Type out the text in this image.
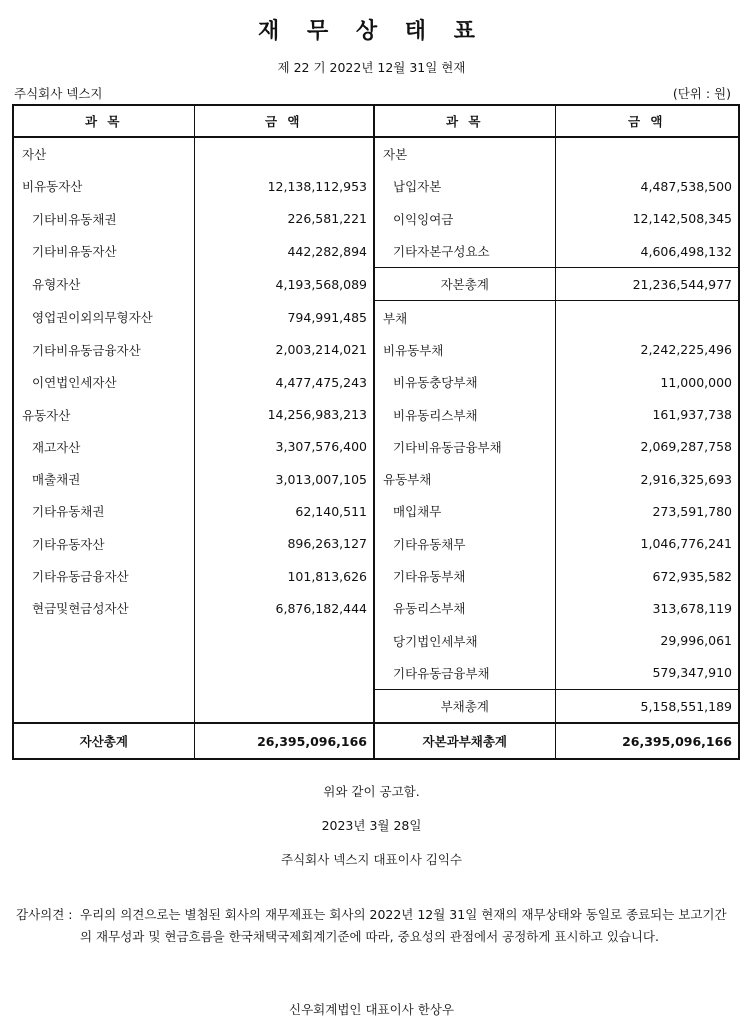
재 무 상 태 표
제 22 기 2022년 12월 31일 현재
주식회사 넥스지	(단위 : 원)
과 목	금 액	과 목	금 액
자산		자본	
비유동자산	12,138,112,953	납입자본	4,487,538,500
기타비유동채권	226,581,221	이익잉여금	12,142,508,345
기타비유동자산	442,282,894	기타자본구성요소	4,606,498,132
유형자산	4,193,568,089	자본총계	21,236,544,977
영업권이외의무형자산	794,991,485	부채	
기타비유동금융자산	2,003,214,021	비유동부채	2,242,225,496
이연법인세자산	4,477,475,243	비유동충당부채	11,000,000
유동자산	14,256,983,213	비유동리스부채	161,937,738
재고자산	3,307,576,400	기타비유동금융부채	2,069,287,758
매출채권	3,013,007,105	유동부채	2,916,325,693
기타유동채권	62,140,511	매입채무	273,591,780
기타유동자산	896,263,127	기타유동채무	1,046,776,241
기타유동금융자산	101,813,626	기타유동부채	672,935,582
현금및현금성자산	6,876,182,444	유동리스부채	313,678,119
		당기법인세부채	29,996,061
		기타유동금융부채	579,347,910
		부채총계	5,158,551,189
자산총계	26,395,096,166	자본과부채총계	26,395,096,166
위와 같이 공고함.
2023년 3월 28일
주식회사 넥스지 대표이사 김익수
감사의견 : 우리의 의견으로는 별첨된 회사의 재무제표는 회사의 2022년 12월 31일 현재의 재무상태와 동일로 종료되는 보고기간의 재무성과 및 현금흐름을 한국채택국제회계기준에 따라, 중요성의 관점에서 공정하게 표시하고 있습니다.
신우회계법인 대표이사 한상우
